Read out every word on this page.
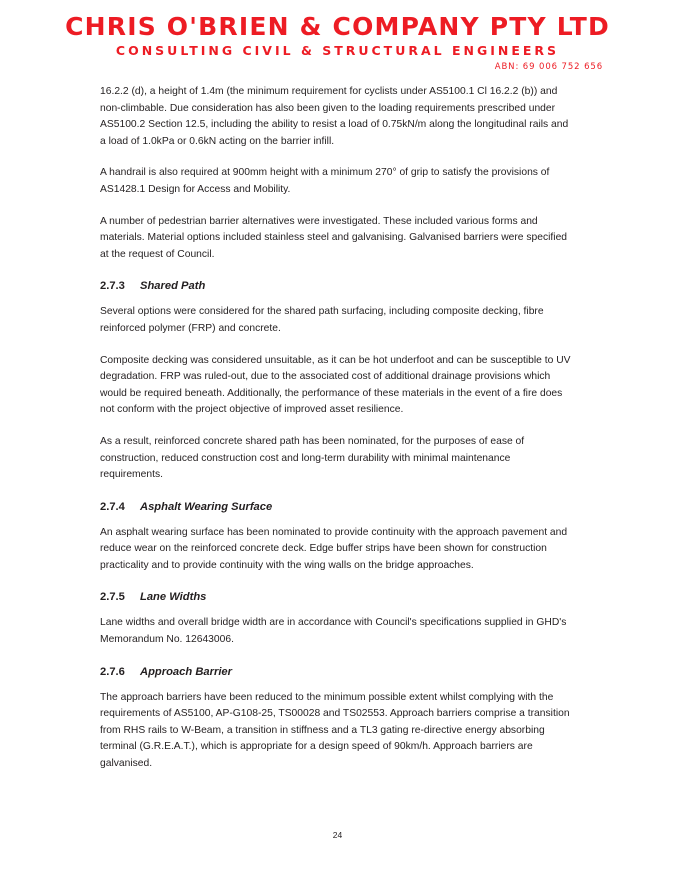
CHRIS O'BRIEN & COMPANY PTY LTD
CONSULTING CIVIL & STRUCTURAL ENGINEERS
ABN: 69 006 752 656

16.2.2 (d), a height of 1.4m (the minimum requirement for cyclists under AS5100.1 Cl 16.2.2 (b)) and non-climbable. Due consideration has also been given to the loading requirements prescribed under AS5100.2 Section 12.5, including the ability to resist a load of 0.75kN/m along the longitudinal rails and a load of 1.0kPa or 0.6kN acting on the barrier infill.

A handrail is also required at 900mm height with a minimum 270° of grip to satisfy the provisions of AS1428.1 Design for Access and Mobility.

A number of pedestrian barrier alternatives were investigated. These included various forms and materials. Material options included stainless steel and galvanising. Galvanised barriers were specified at the request of Council.

2.7.3 Shared Path

Several options were considered for the shared path surfacing, including composite decking, fibre reinforced polymer (FRP) and concrete.

Composite decking was considered unsuitable, as it can be hot underfoot and can be susceptible to UV degradation. FRP was ruled-out, due to the associated cost of additional drainage provisions which would be required beneath. Additionally, the performance of these materials in the event of a fire does not conform with the project objective of improved asset resilience.

As a result, reinforced concrete shared path has been nominated, for the purposes of ease of construction, reduced construction cost and long-term durability with minimal maintenance requirements.

2.7.4 Asphalt Wearing Surface

An asphalt wearing surface has been nominated to provide continuity with the approach pavement and reduce wear on the reinforced concrete deck. Edge buffer strips have been shown for construction practicality and to provide continuity with the wing walls on the bridge approaches.

2.7.5 Lane Widths

Lane widths and overall bridge width are in accordance with Council's specifications supplied in GHD's Memorandum No. 12643006.

2.7.6 Approach Barrier

The approach barriers have been reduced to the minimum possible extent whilst complying with the requirements of AS5100, AP-G108-25, TS00028 and TS02553. Approach barriers comprise a transition from RHS rails to W-Beam, a transition in stiffness and a TL3 gating re-directive energy absorbing terminal (G.R.E.A.T.), which is appropriate for a design speed of 90km/h. Approach barriers are galvanised.

24
